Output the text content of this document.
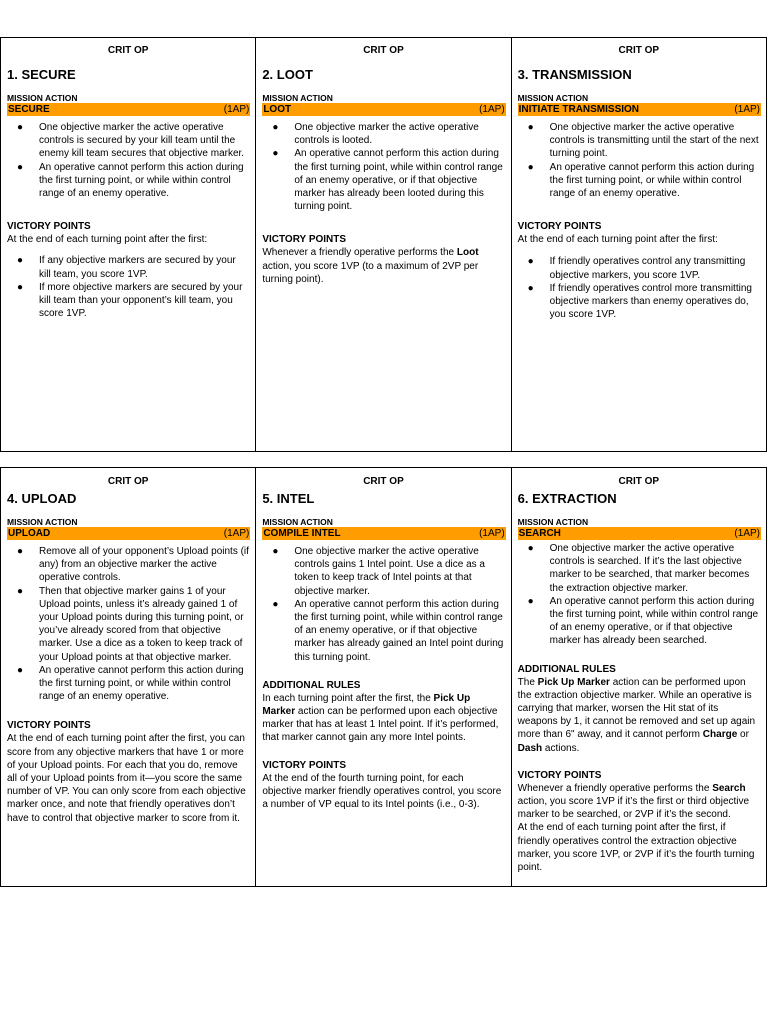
CRIT OP
1. SECURE
MISSION ACTION
SECURE	(1AP)
● One objective marker the active operative controls is secured by your kill team until the enemy kill team secures that objective marker.
● An operative cannot perform this action during the first turning point, or while within control range of an enemy operative.
VICTORY POINTS
At the end of each turning point after the first:
● If any objective markers are secured by your kill team, you score 1VP.
● If more objective markers are secured by your kill team than your opponent’s kill team, you score 1VP.
CRIT OP
2. LOOT
MISSION ACTION
LOOT	(1AP)
● One objective marker the active operative controls is looted.
● An operative cannot perform this action during the first turning point, while within control range of an enemy operative, or if that objective marker has already been looted during this turning point.
VICTORY POINTS
Whenever a friendly operative performs the Loot action, you score 1VP (to a maximum of 2VP per turning point).
CRIT OP
3. TRANSMISSION
MISSION ACTION
INITIATE TRANSMISSION	(1AP)
● One objective marker the active operative controls is transmitting until the start of the next turning point.
● An operative cannot perform this action during the first turning point, or while within control range of an enemy operative.
VICTORY POINTS
At the end of each turning point after the first:
● If friendly operatives control any transmitting objective markers, you score 1VP.
● If friendly operatives control more transmitting objective markers than enemy operatives do, you score 1VP.
CRIT OP
4. UPLOAD
MISSION ACTION
UPLOAD	(1AP)
● Remove all of your opponent’s Upload points (if any) from an objective marker the active operative controls.
● Then that objective marker gains 1 of your Upload points, unless it’s already gained 1 of your Upload points during this turning point, or you’ve already scored from that objective marker. Use a dice as a token to keep track of your Upload points at that objective marker.
● An operative cannot perform this action during the first turning point, or while within control range of an enemy operative.
VICTORY POINTS
At the end of each turning point after the first, you can score from any objective markers that have 1 or more of your Upload points. For each that you do, remove all of your Upload points from it—you score the same number of VP. You can only score from each objective marker once, and note that friendly operatives don’t have to control that objective marker to score from it.
CRIT OP
5. INTEL
MISSION ACTION
COMPILE INTEL	(1AP)
● One objective marker the active operative controls gains 1 Intel point. Use a dice as a token to keep track of Intel points at that objective marker.
● An operative cannot perform this action during the first turning point, while within control range of an enemy operative, or if that objective marker has already gained an Intel point during this turning point.
ADDITIONAL RULES
In each turning point after the first, the Pick Up Marker action can be performed upon each objective marker that has at least 1 Intel point. If it’s performed, that marker cannot gain any more Intel points.
VICTORY POINTS
At the end of the fourth turning point, for each objective marker friendly operatives control, you score a number of VP equal to its Intel points (i.e., 0-3).
CRIT OP
6. EXTRACTION
MISSION ACTION
SEARCH	(1AP)
● One objective marker the active operative controls is searched. If it’s the last objective marker to be searched, that marker becomes the extraction objective marker.
● An operative cannot perform this action during the first turning point, while within control range of an enemy operative, or if that objective marker has already been searched.
ADDITIONAL RULES
The Pick Up Marker action can be performed upon the extraction objective marker. While an operative is carrying that marker, worsen the Hit stat of its weapons by 1, it cannot be removed and set up again more than 6" away, and it cannot perform Charge or Dash actions.
VICTORY POINTS
Whenever a friendly operative performs the Search action, you score 1VP if it’s the first or third objective marker to be searched, or 2VP if it’s the second.
At the end of each turning point after the first, if friendly operatives control the extraction objective marker, you score 1VP, or 2VP if it’s the fourth turning point.
